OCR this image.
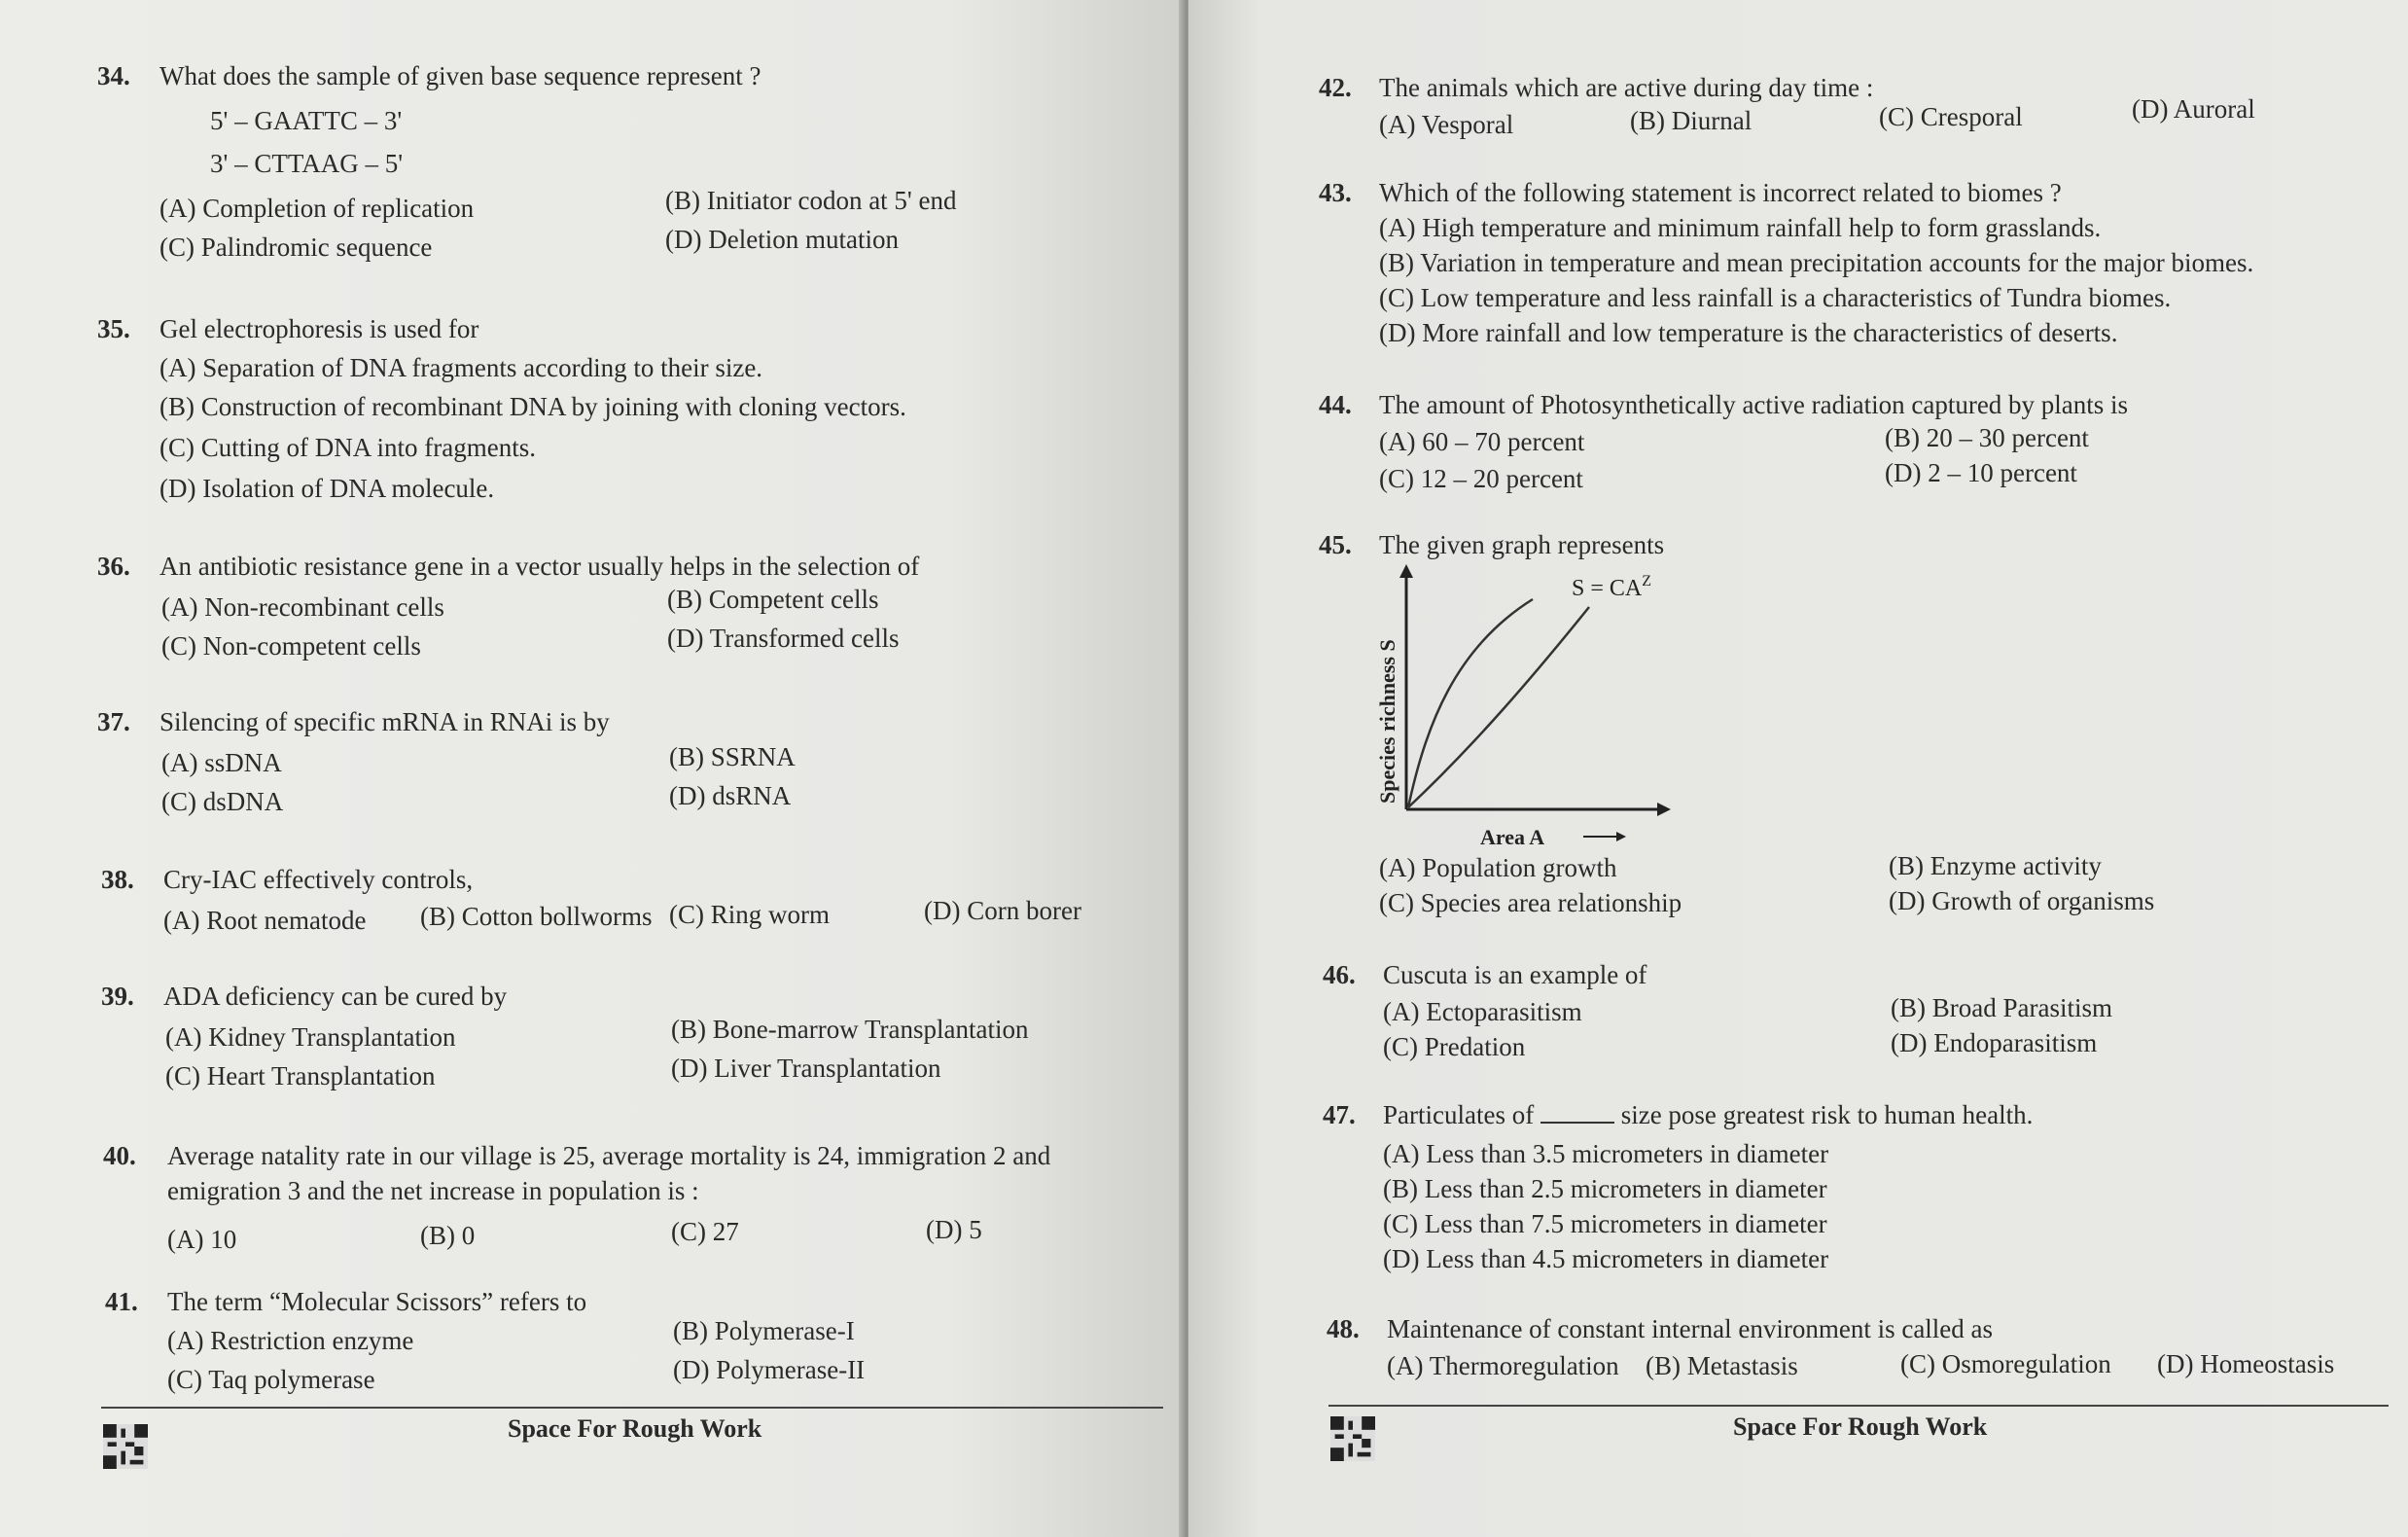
34. What does the sample of given base sequence represent ?
5' – GAATTC – 3'
3' – CTTAAG – 5'
(A) Completion of replication	(B) Initiator codon at 5' end
(C) Palindromic sequence	(D) Deletion mutation
35. Gel electrophoresis is used for
(A) Separation of DNA fragments according to their size.
(B) Construction of recombinant DNA by joining with cloning vectors.
(C) Cutting of DNA into fragments.
(D) Isolation of DNA molecule.
36. An antibiotic resistance gene in a vector usually helps in the selection of
(A) Non-recombinant cells	(B) Competent cells
(C) Non-competent cells	(D) Transformed cells
37. Silencing of specific mRNA in RNAi is by
(A) ssDNA	(B) SSRNA
(C) dsDNA	(D) dsRNA
38. Cry-IAC effectively controls,
(A) Root nematode (B) Cotton bollworms (C) Ring worm	(D) Corn borer
39. ADA deficiency can be cured by
(A) Kidney Transplantation	(B) Bone-marrow Transplantation
(C) Heart Transplantation	(D) Liver Transplantation
40. Average natality rate in our village is 25, average mortality is 24, immigration 2 and
emigration 3 and the net increase in population is :
(A) 10	(B) 0	(C) 27	(D) 5
41. The term “Molecular Scissors” refers to
(A) Restriction enzyme	(B) Polymerase-I
(C) Taq polymerase	(D) Polymerase-II
Space For Rough Work
42. The animals which are active during day time :
(A) Vesporal	(B) Diurnal	(C) Cresporal	(D) Auroral
43. Which of the following statement is incorrect related to biomes ?
(A) High temperature and minimum rainfall help to form grasslands.
(B) Variation in temperature and mean precipitation accounts for the major biomes.
(C) Low temperature and less rainfall is a characteristics of Tundra biomes.
(D) More rainfall and low temperature is the characteristics of deserts.
44. The amount of Photosynthetically active radiation captured by plants is
(A) 60 – 70 percent	(B) 20 – 30 percent
(C) 12 – 20 percent	(D) 2 – 10 percent
45. The given graph represents
Species richness S
$S = CA^Z$
Area A
(A) Population growth	(B) Enzyme activity
(C) Species area relationship	(D) Growth of organisms
46. Cuscuta is an example of
(A) Ectoparasitism	(B) Broad Parasitism
(C) Predation	(D) Endoparasitism
47. Particulates of	size pose greatest risk to human health.
(A) Less than 3.5 micrometers in diameter
(B) Less than 2.5 micrometers in diameter
(C) Less than 7.5 micrometers in diameter
(D) Less than 4.5 micrometers in diameter
48. Maintenance of constant internal environment is called as
(A) Thermoregulation (B) Metastasis	(C) Osmoregulation (D) Homeostasis
Space For Rough Work
